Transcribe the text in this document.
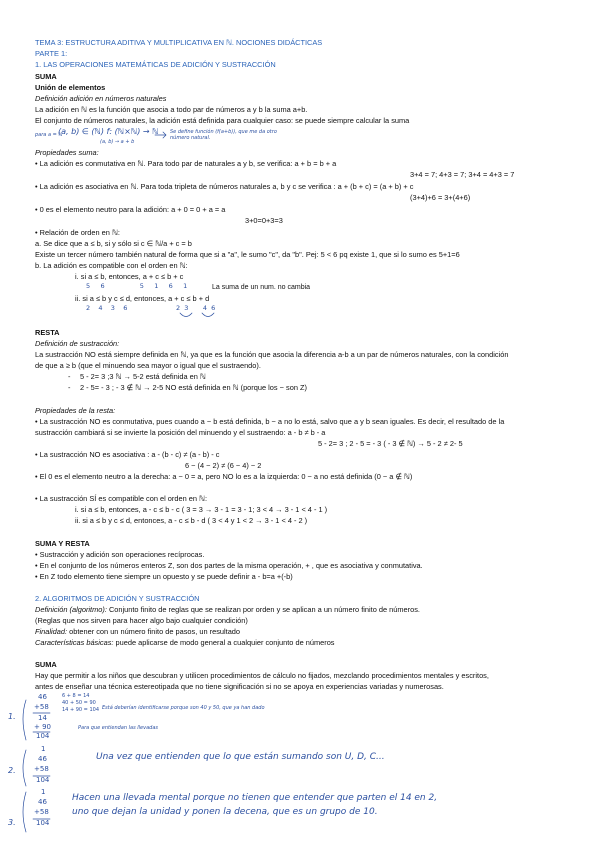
TEMA 3: ESTRUCTURA ADITIVA Y MULTIPLICATIVA EN ℕ. NOCIONES DIDÁCTICAS
PARTE 1:
1. LAS OPERACIONES MATEMÁTICAS DE ADICIÓN Y SUSTRACCIÓN
SUMA
Unión de elementos
Definición adición en números naturales
La adición en ℕ es la función que asocia a todo par de números a y b la suma a+b.
El conjunto de números naturales, la adición está definida para cualquier caso: se puede siempre calcular la suma
para a = ℕ
(a, b) ∈ (ℕ) f: (ℕ×ℕ) → ℕ
(a, b) → a + b
Se define función (f(a+b)), que me da otro número natural.
Propiedades suma:
• La adición es conmutativa en ℕ. Para todo par de naturales a y b, se verifica: a + b = b + a
3+4 = 7; 4+3 = 7; 3+4 = 4+3 = 7
• La adición es asociativa en ℕ. Para toda tripleta de números naturales a, b y c se verifica : a + (b + c) = (a + b) + c
(3+4)+6 = 3+(4+6)
• 0 es el elemento neutro para la adición: a + 0 = 0 + a = a
3+0=0+3=3
• Relación de orden en ℕ:
a. Se dice que a ≤ b, si y sólo si c ∈ ℕ/a + c = b
Existe un tercer número también natural de forma que si a "a", le sumo "c", da "b". Pej: 5 < 6 pq existe 1, que si lo sumo es 5+1=6
b. La adición es compatible con el orden en ℕ:
i. si a ≤ b, entonces, a + c ≤ b + c
5     6                 5     1     6     1	La suma de un num. no cambia
ii. si a ≤ b y c ≤ d, entonces, a + c ≤ b + d
2    4    3    6	2  3       4  6
RESTA
Definición de sustracción:
La sustracción NO está siempre definida en ℕ, ya que es la función que asocia la diferencia a-b a un par de números naturales, con la condición
de que a ≥ b (que el minuendo sea mayor o igual que el sustraendo).
- 5 - 2= 3 ;3 ℕ → 5-2 está definida en ℕ
- 2 - 5= - 3 ; - 3 ∉ ℕ → 2-5 NO está definida en ℕ (porque los − son Z)
Propiedades de la resta:
• La sustracción NO es conmutativa, pues cuando a − b está definida, b − a no lo está, salvo que a y b sean iguales. Es decir, el resultado de la
sustracción cambiará si se invierte la posición del minuendo y el sustraendo: a - b ≠ b - a
5 - 2= 3 ; 2 - 5 = - 3 ( - 3 ∉ ℕ) → 5 - 2 ≠ 2- 5
• La sustracción NO es asociativa : a - (b - c) ≠ (a - b) - c
6 − (4 − 2) ≠ (6 − 4) − 2
• El 0 es el elemento neutro a la derecha: a − 0 = a, pero NO lo es a la izquierda: 0 − a no está definida (0 − a ∉ ℕ)
• La sustracción SÍ es compatible con el orden en ℕ:
i. si a ≤ b, entonces, a - c ≤ b - c ( 3 = 3 → 3 - 1 = 3 - 1; 3 < 4 → 3 - 1 < 4 - 1 )
ii. si a ≤ b y c ≤ d, entonces, a - c ≤ b - d ( 3 < 4 y 1 < 2 → 3 - 1 < 4 - 2 )
SUMA Y RESTA
• Sustracción y adición son operaciones recíprocas.
• En el conjunto de los números enteros Z, son dos partes de la misma operación, + , que es asociativa y conmutativa.
• En Z todo elemento tiene siempre un opuesto y se puede definir a - b=a +(-b)
2. ALGORITMOS DE ADICIÓN Y SUSTRACCIÓN
Definición (algoritmo): Conjunto finito de reglas que se realizan por orden y se aplican a un número finito de números.
(Reglas que nos sirven para hacer algo bajo cualquier condición)
Finalidad: obtener con un número finito de pasos, un resultado
Características básicas: puede aplicarse de modo general a cualquier conjunto de números
SUMA
Hay que permitir a los niños que descubran y utilicen procedimientos de cálculo no fijados, mezclando procedimientos mentales y escritos,
antes de enseñar una técnica estereotipada que no tiene significación si no se apoya en experiencias variadas y numerosas.
1.
46
+58
14
+ 90
104
6 + 8 = 14
40 + 50 = 90
14 + 90 = 104 Está deberían identificarse porque son 40 y 50, que ya han dado
Para que entiendan las llevadas
2.
1
46
+58
104
Una vez que entienden que lo que están sumando son U, D, C...
3.
1
46
+58
104
Hacen una llevada mental porque no tienen que entender que parten el 14 en 2,
uno que dejan la unidad y ponen la decena, que es un grupo de 10.
